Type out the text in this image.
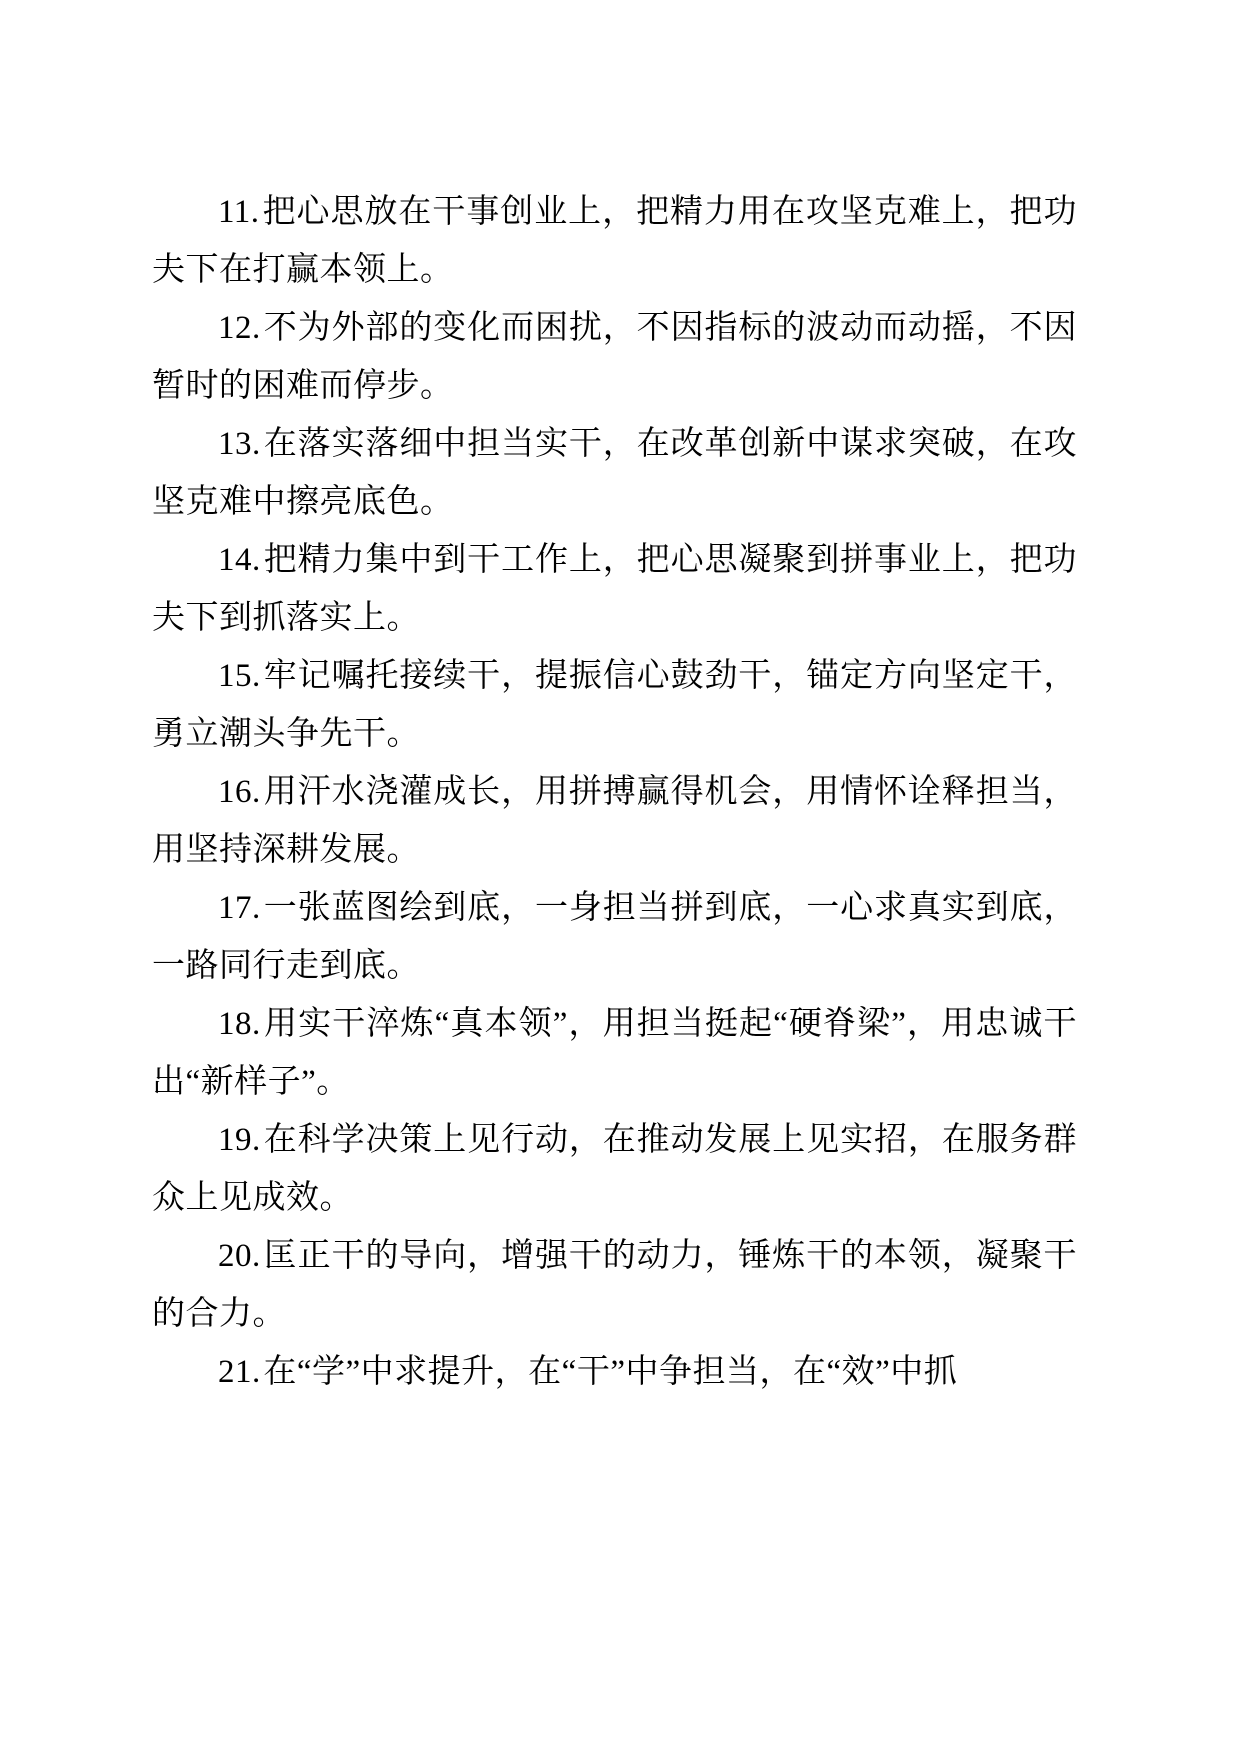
11.把心思放在干事创业上，把精力用在攻坚克难上，把功夫下在打赢本领上。

12.不为外部的变化而困扰，不因指标的波动而动摇，不因暂时的困难而停步。

13.在落实落细中担当实干，在改革创新中谋求突破，在攻坚克难中擦亮底色。

14.把精力集中到干工作上，把心思凝聚到拼事业上，把功夫下到抓落实上。

15.牢记嘱托接续干，提振信心鼓劲干，锚定方向坚定干，勇立潮头争先干。

16.用汗水浇灌成长，用拼搏赢得机会，用情怀诠释担当，用坚持深耕发展。

17.一张蓝图绘到底，一身担当拼到底，一心求真实到底，一路同行走到底。

18.用实干淬炼“真本领”，用担当挺起“硬脊梁”，用忠诚干出“新样子”。

19.在科学决策上见行动，在推动发展上见实招，在服务群众上见成效。

20.匡正干的导向，增强干的动力，锤炼干的本领，凝聚干的合力。

21.在“学”中求提升，在“干”中争担当，在“效”中抓
